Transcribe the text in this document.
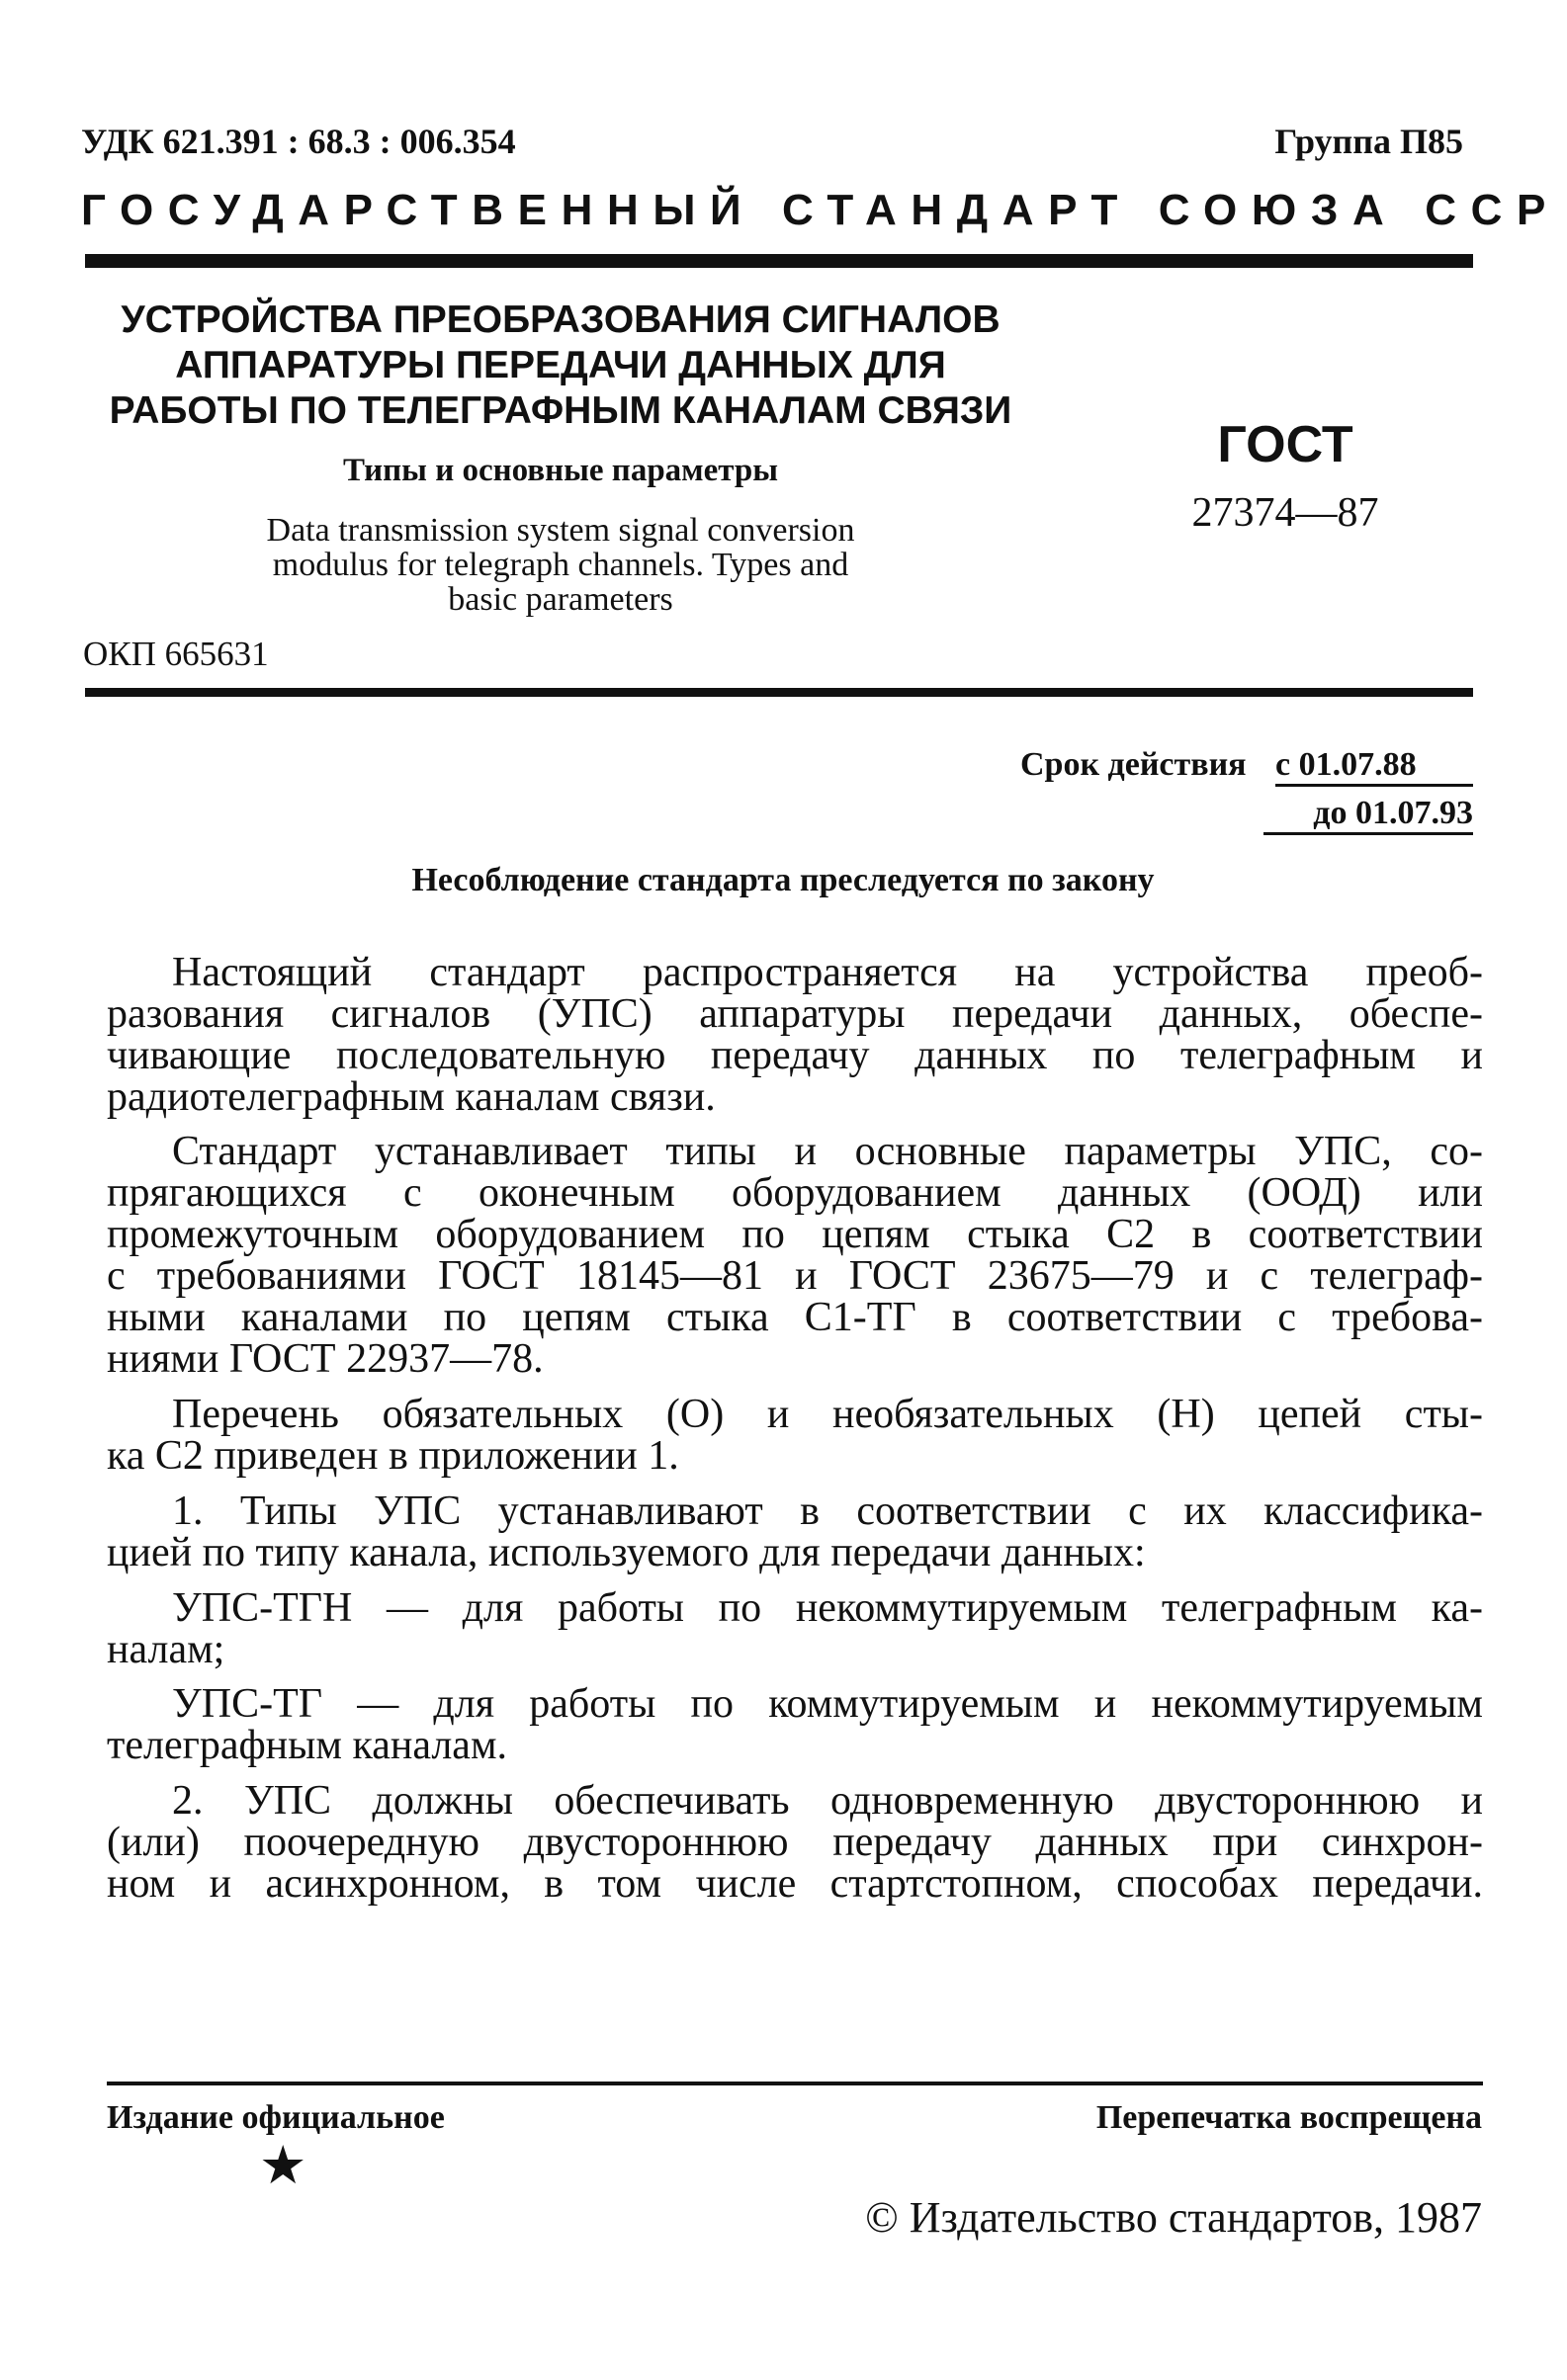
УДК 621.391 : 68.3 : 006.354	Группа П85
ГОСУДАРСТВЕННЫЙ СТАНДАРТ СОЮЗА ССР
УСТРОЙСТВА ПРЕОБРАЗОВАНИЯ СИГНАЛОВ
АППАРАТУРЫ ПЕРЕДАЧИ ДАННЫХ ДЛЯ
РАБОТЫ ПО ТЕЛЕГРАФНЫМ КАНАЛАМ СВЯЗИ
Типы и основные параметры
Data transmission system signal conversion
modulus for telegraph channels. Types and
basic parameters
ОКП 665631
ГОСТ
27374—87
Срок действия с 01.07.88
до 01.07.93
Несоблюдение стандарта преследуется по закону
Настоящий стандарт распространяется на устройства преоб-
разования сигналов (УПС) аппаратуры передачи данных, обеспе-
чивающие последовательную передачу данных по телеграфным и
радиотелеграфным каналам связи.
Стандарт устанавливает типы и основные параметры УПС, со-
прягающихся с оконечным оборудованием данных (ООД) или
промежуточным оборудованием по цепям стыка С2 в соответствии
с требованиями ГОСТ 18145—81 и ГОСТ 23675—79 и с телеграф-
ными каналами по цепям стыка С1-ТГ в соответствии с требова-
ниями ГОСТ 22937—78.
Перечень обязательных (О) и необязательных (Н) цепей сты-
ка С2 приведен в приложении 1.
1. Типы УПС устанавливают в соответствии с их классифика-
цией по типу канала, используемого для передачи данных:
УПС-ТГН — для работы по некоммутируемым телеграфным ка-
налам;
УПС-ТГ — для работы по коммутируемым и некоммутируемым
телеграфным каналам.
2. УПС должны обеспечивать одновременную двустороннюю и
(или) поочередную двустороннюю передачу данных при синхрон-
ном и асинхронном, в том числе стартстопном, способах передачи.
Издание официальное	Перепечатка воспрещена
★
© Издательство стандартов, 1987
